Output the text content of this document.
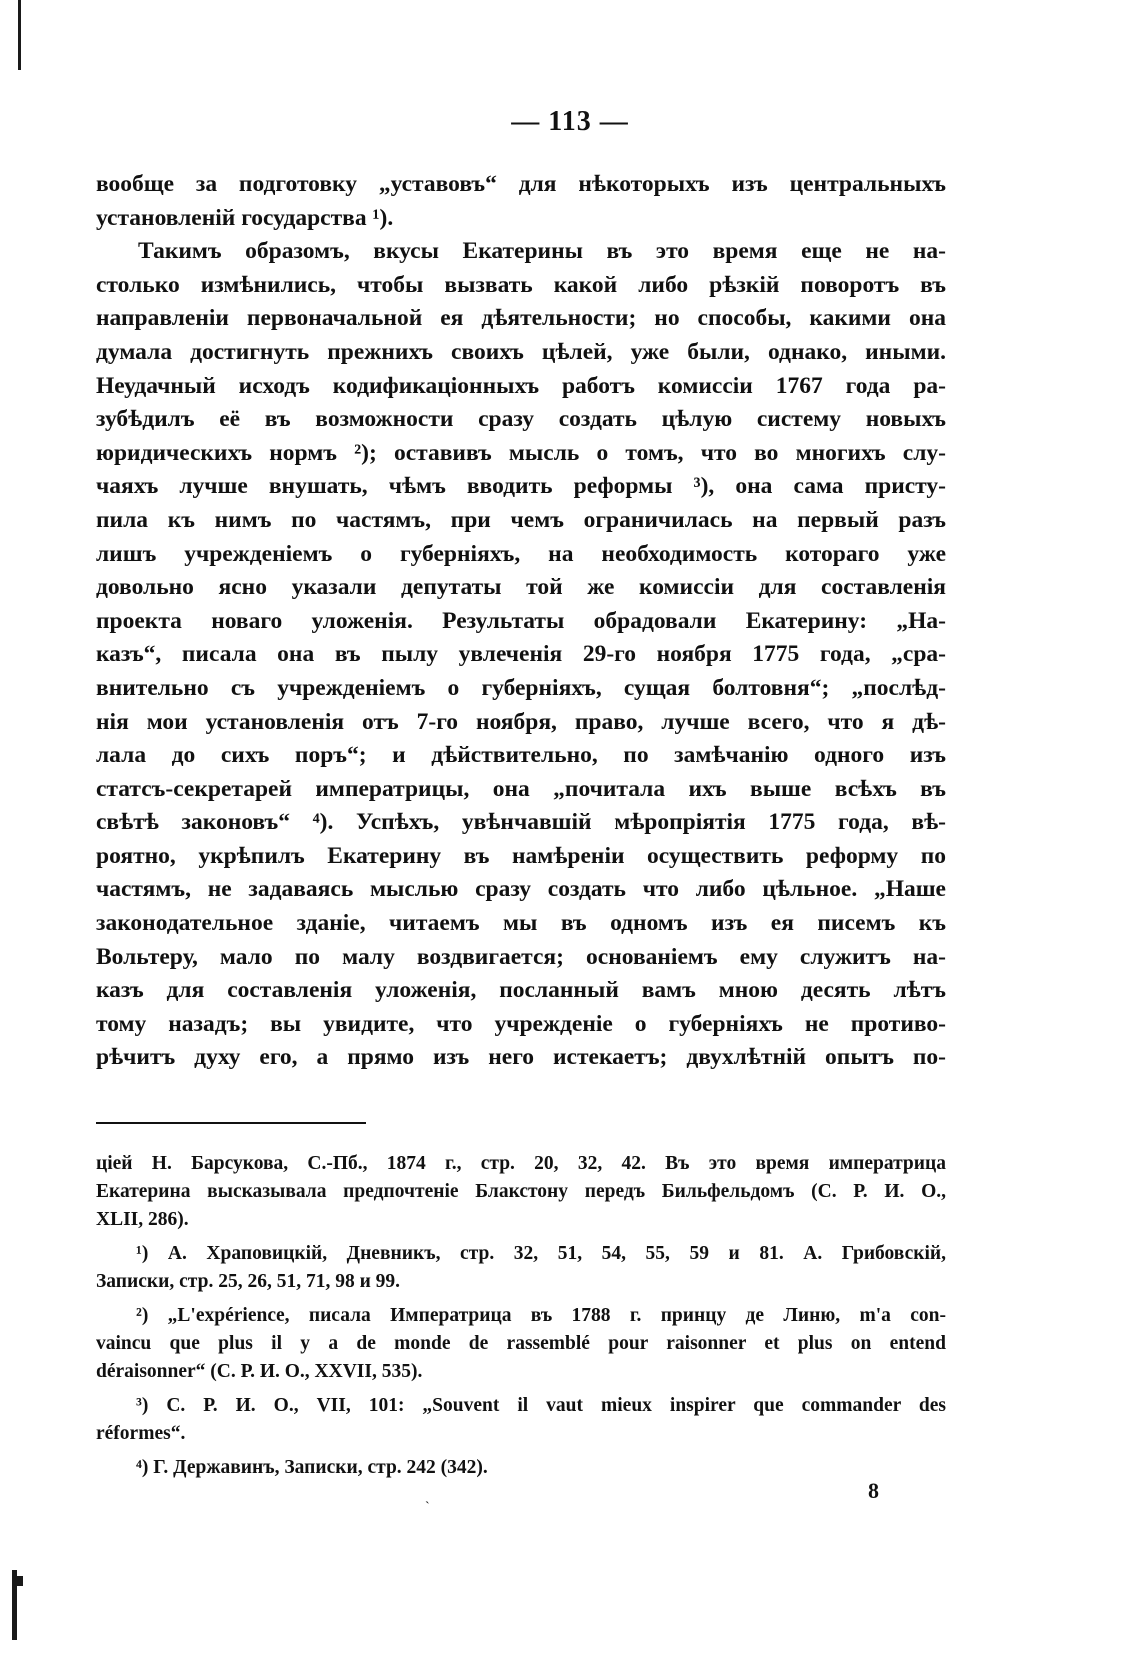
— 113 —
вообще за подготовку „уставовъ“ для нѣкоторыхъ изъ центральныхъ
установленій государства ¹).
Такимъ образомъ, вкусы Екатерины въ это время еще не на-
столько измѣнились, чтобы вызвать какой либо рѣзкій поворотъ въ
направленіи первоначальной ея дѣятельности; но способы, какими она
думала достигнуть прежнихъ своихъ цѣлей, уже были, однако, иными.
Неудачный исходъ кодификаціонныхъ работъ комиссіи 1767 года ра-
зубѣдилъ её въ возможности сразу создать цѣлую систему новыхъ
юридическихъ нормъ ²); оставивъ мысль о томъ, что во многихъ слу-
чаяхъ лучше внушать, чѣмъ вводить реформы ³), она сама присту-
пила къ нимъ по частямъ, при чемъ ограничилась на первый разъ
лишъ учрежденіемъ о губерніяхъ, на необходимость котораго уже
довольно ясно указали депутаты той же комиссіи для составленія
проекта новаго уложенія. Результаты обрадовали Екатерину: „На-
казъ“, писала она въ пылу увлеченія 29-го ноября 1775 года, „сра-
внительно съ учрежденіемъ о губерніяхъ, сущая болтовня“; „послѣд-
нія мои установленія отъ 7-го ноября, право, лучше всего, что я дѣ-
лала до сихъ поръ“; и дѣйствительно, по замѣчанію одного изъ
статсъ-секретарей императрицы, она „почитала ихъ выше всѣхъ въ
свѣтѣ законовъ“ ⁴). Успѣхъ, увѣнчавшій мѣропріятія 1775 года, вѣ-
роятно, укрѣпилъ Екатерину въ намѣреніи осуществить реформу по
частямъ, не задаваясь мыслью сразу создать что либо цѣльное. „Наше
законодательное зданіе, читаемъ мы въ одномъ изъ ея писемъ къ
Вольтеру, мало по малу воздвигается; основаніемъ ему служитъ на-
казъ для составленія уложенія, посланный вамъ мною десять лѣтъ
тому назадъ; вы увидите, что учрежденіе о губерніяхъ не противо-
рѣчитъ духу его, а прямо изъ него истекаетъ; двухлѣтній опытъ по-
ціей Н. Барсукова, С.-Пб., 1874 г., стр. 20, 32, 42. Въ это время императрица
Екатерина высказывала предпочтеніе Блакстону передъ Бильфельдомъ (С. Р. И. О.,
XLII, 286).
¹) А. Храповицкій, Дневникъ, стр. 32, 51, 54, 55, 59 и 81. А. Грибовскій,
Записки, стр. 25, 26, 51, 71, 98 и 99.
²) „L'expérience, писала Императрица въ 1788 г. принцу де Линю, m'a con-
vaincu que plus il y a de monde de rassemblé pour raisonner et plus on entend
déraisonner“ (С. Р. И. О., XXVII, 535).
³) С. Р. И. О., VII, 101: „Souvent il vaut mieux inspirer que commander des
réformes“.
⁴) Г. Державинъ, Записки, стр. 242 (342).
ˋ
8
